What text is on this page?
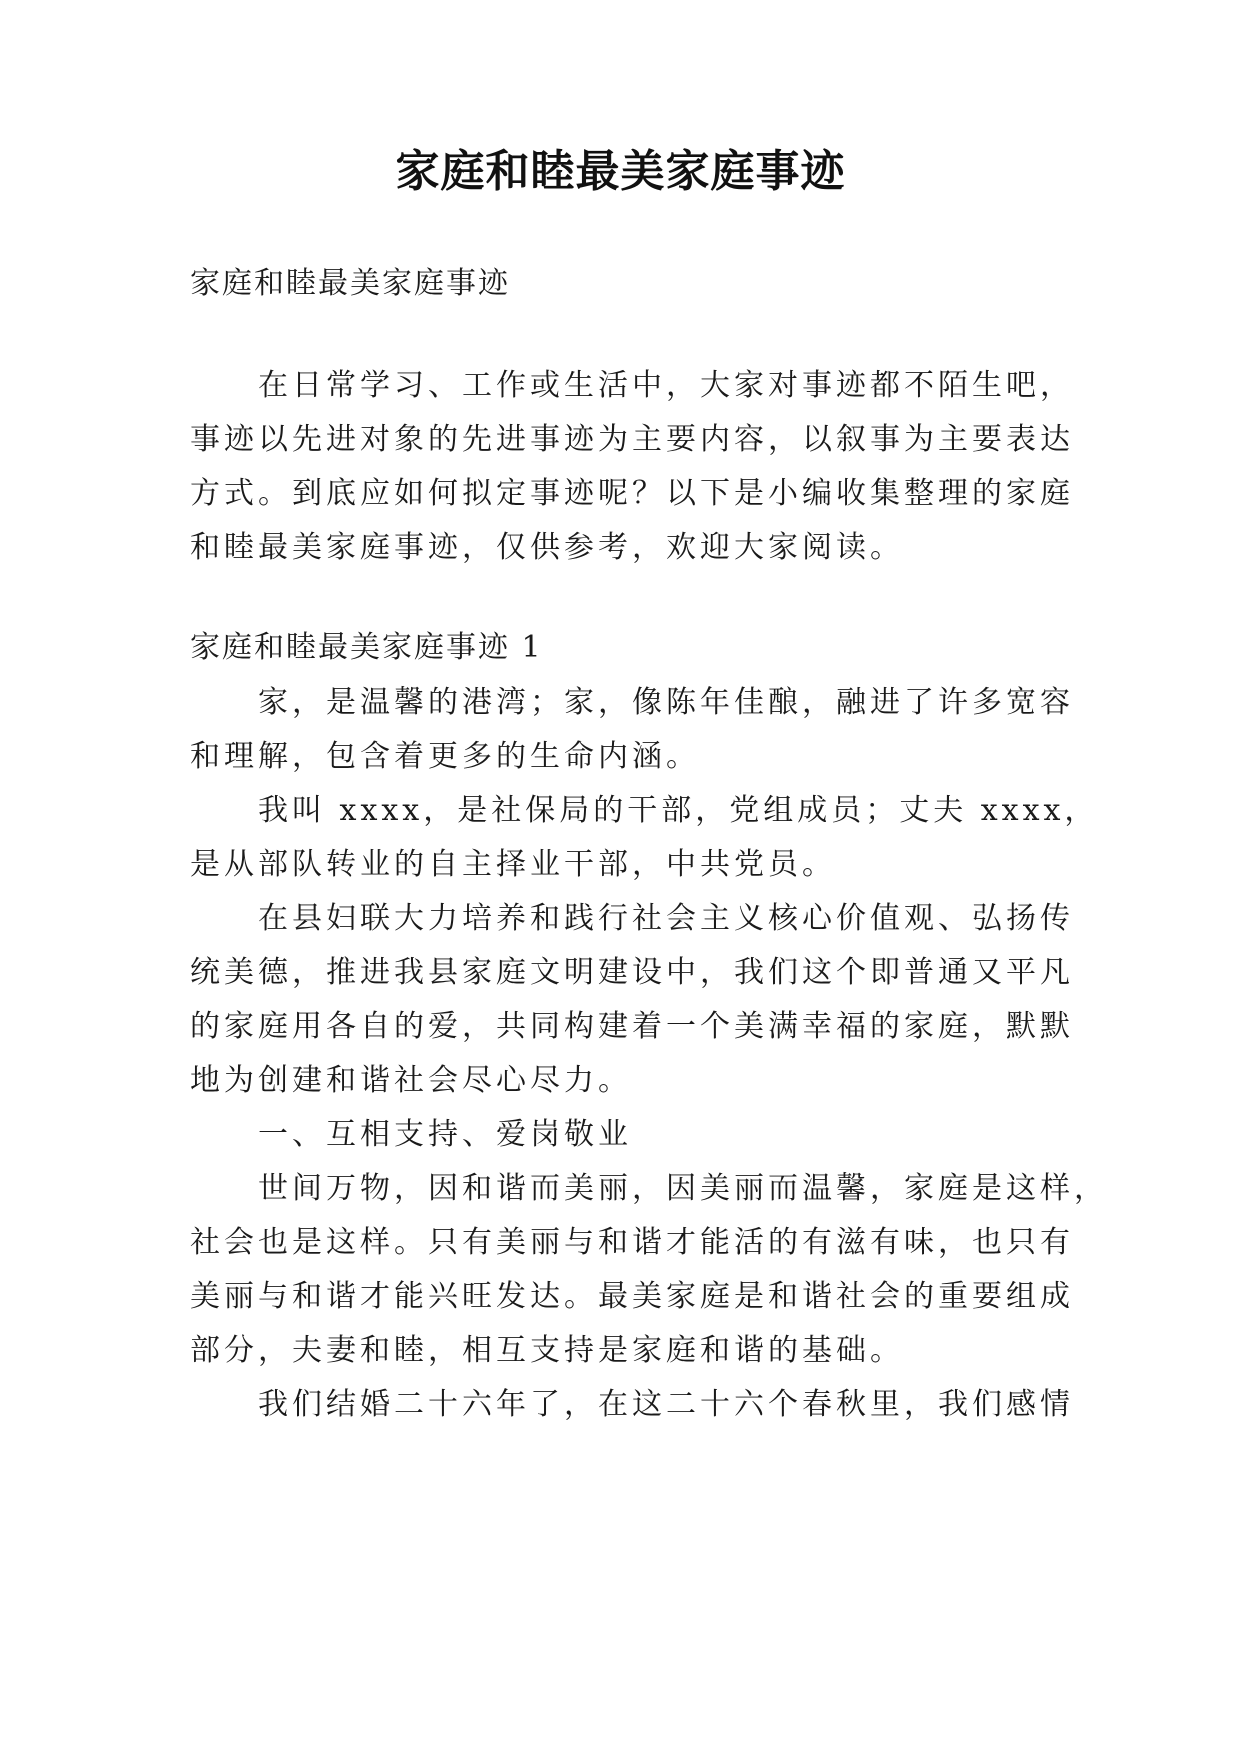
家庭和睦最美家庭事迹
家庭和睦最美家庭事迹
在日常学习、工作或生活中，大家对事迹都不陌生吧，
事迹以先进对象的先进事迹为主要内容，以叙事为主要表达
方式。到底应如何拟定事迹呢？以下是小编收集整理的家庭
和睦最美家庭事迹，仅供参考，欢迎大家阅读。
家庭和睦最美家庭事迹 1
家，是温馨的港湾；家，像陈年佳酿，融进了许多宽容
和理解，包含着更多的生命内涵。
我叫 xxxx，是社保局的干部，党组成员；丈夫 xxxx，
是从部队转业的自主择业干部，中共党员。
在县妇联大力培养和践行社会主义核心价值观、弘扬传
统美德，推进我县家庭文明建设中，我们这个即普通又平凡
的家庭用各自的爱，共同构建着一个美满幸福的家庭，默默
地为创建和谐社会尽心尽力。
一、互相支持、爱岗敬业
世间万物，因和谐而美丽，因美丽而温馨，家庭是这样，
社会也是这样。只有美丽与和谐才能活的有滋有味，也只有
美丽与和谐才能兴旺发达。最美家庭是和谐社会的重要组成
部分，夫妻和睦，相互支持是家庭和谐的基础。
我们结婚二十六年了，在这二十六个春秋里，我们感情
